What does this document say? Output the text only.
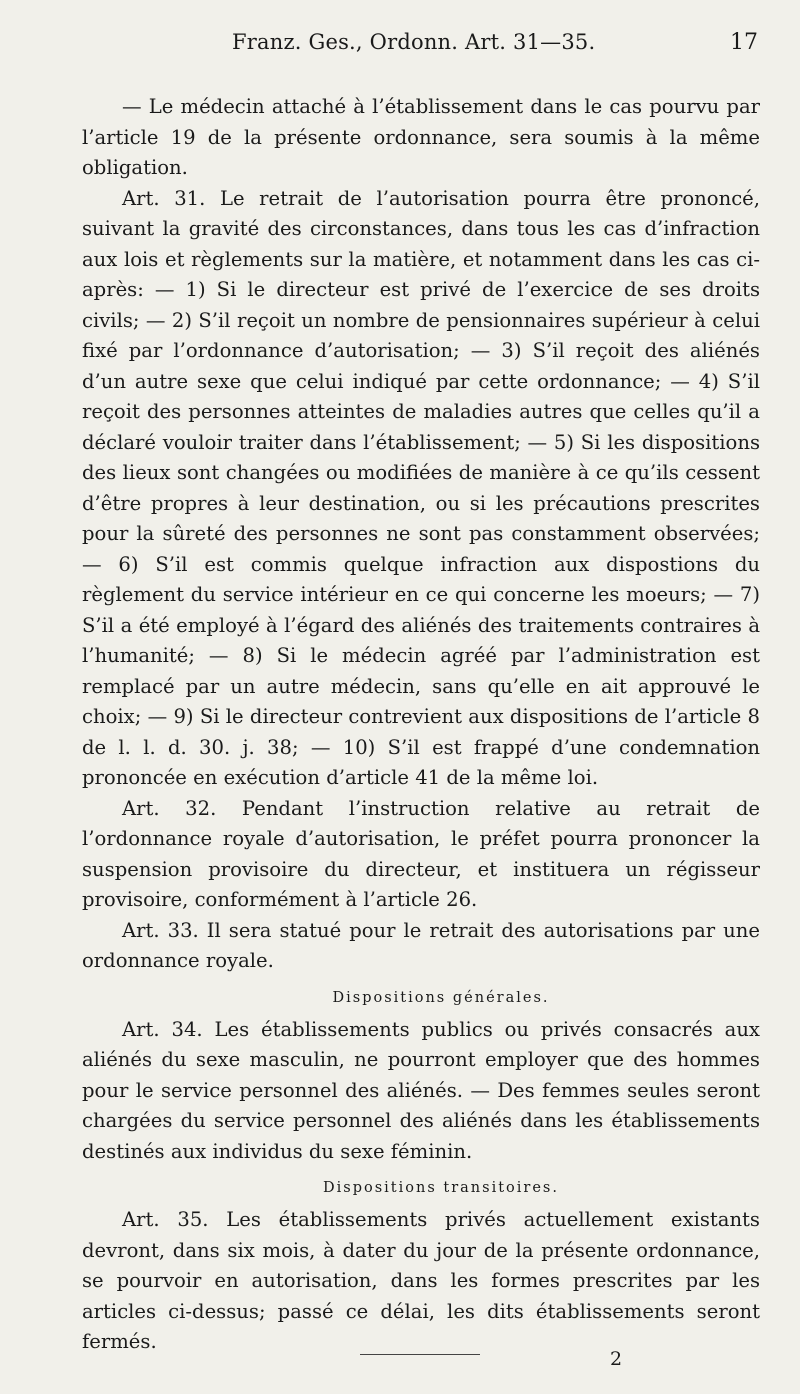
Franz. Ges., Ordonn. Art. 31—35.	17

— Le médecin attaché à l’établissement dans le cas pourvu par l’article 19 de la présente ordonnance, sera soumis à la même obligation.

Art. 31. Le retrait de l’autorisation pourra être prononcé, suivant la gravité des circonstances, dans tous les cas d’infraction aux lois et règlements sur la matière, et notamment dans les cas ci-après: — 1) Si le directeur est privé de l’exercice de ses droits civils; — 2) S’il reçoit un nombre de pensionnaires supérieur à celui fixé par l’ordonnance d’autorisation; — 3) S’il reçoit des aliénés d’un autre sexe que celui indiqué par cette ordonnance; — 4) S’il reçoit des personnes atteintes de maladies autres que celles qu’il a déclaré vouloir traiter dans l’établissement; — 5) Si les dispositions des lieux sont changées ou modifiées de manière à ce qu’ils cessent d’être propres à leur destination, ou si les précautions prescrites pour la sûreté des personnes ne sont pas constamment observées; — 6) S’il est commis quelque infraction aux dispostions du règlement du service intérieur en ce qui concerne les moeurs; — 7) S’il a été employé à l’égard des aliénés des traitements contraires à l’humanité; — 8) Si le médecin agréé par l’administration est remplacé par un autre médecin, sans qu’elle en ait approuvé le choix; — 9) Si le directeur contrevient aux dispositions de l’article 8 de l. l. d. 30. j. 38; — 10) S’il est frappé d’une condemnation prononcée en exécution d’article 41 de la même loi.

Art. 32. Pendant l’instruction relative au retrait de l’ordonnance royale d’autorisation, le préfet pourra prononcer la suspension provisoire du directeur, et instituera un régisseur provisoire, conformément à l’article 26.

Art. 33. Il sera statué pour le retrait des autorisations par une ordonnance royale.

Dispositions générales.

Art. 34. Les établissements publics ou privés consacrés aux aliénés du sexe masculin, ne pourront employer que des hommes pour le service personnel des aliénés. — Des femmes seules seront chargées du service personnel des aliénés dans les établissements destinés aux individus du sexe féminin.

Dispositions transitoires.

Art. 35. Les établissements privés actuellement existants devront, dans six mois, à dater du jour de la présente ordonnance, se pourvoir en autorisation, dans les formes prescrites par les articles ci-dessus; passé ce délai, les dits établissements seront fermés.

2
